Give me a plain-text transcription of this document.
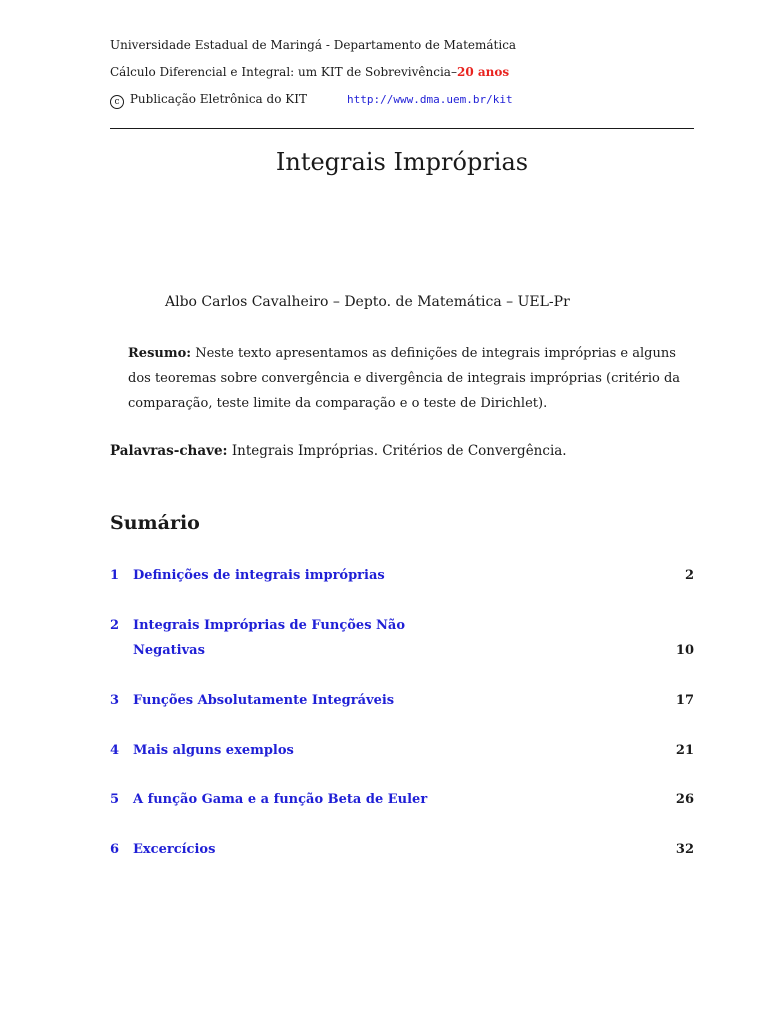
Universidade Estadual de Maringá - Departamento de Matemática
Cálculo Diferencial e Integral: um KIT de Sobrevivência–20 anos
c Publicação Eletrônica do KIT	http://www.dma.uem.br/kit
Integrais Impróprias
Albo Carlos Cavalheiro – Depto. de Matemática – UEL-Pr
Resumo: Neste texto apresentamos as definições de integrais impróprias e alguns dos teoremas sobre convergência e divergência de integrais impróprias (critério da comparação, teste limite da comparação e o teste de Dirichlet).
Palavras-chave: Integrais Impróprias. Critérios de Convergência.
Sumário
1 Definições de integrais impróprias	2
2 Integrais Impróprias de Funções Não Negativas	10
3 Funções Absolutamente Integráveis	17
4 Mais alguns exemplos	21
5 A função Gama e a função Beta de Euler	26
6 Excercícios	32
